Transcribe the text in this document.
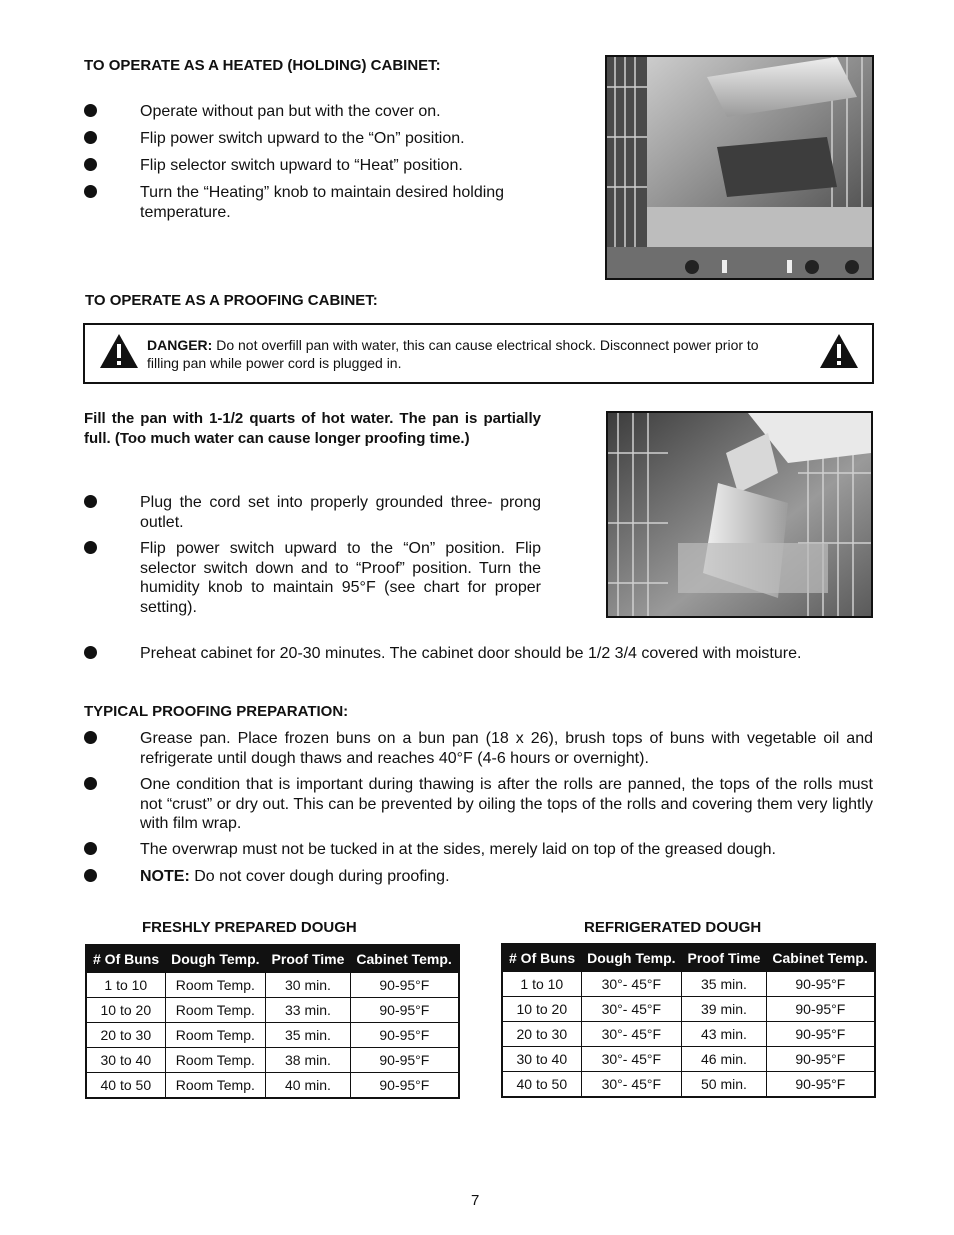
TO OPERATE AS A HEATED (HOLDING) CABINET:
Operate without pan but with the cover on.
Flip power switch upward to the “On” position.
Flip selector switch upward to “Heat” position.
Turn the “Heating” knob to maintain desired holding temperature.
TO OPERATE AS A PROOFING CABINET:
DANGER: Do not overfill pan with water, this can cause electrical shock. Disconnect power prior to filling pan while power cord is plugged in.
Fill the pan with 1-1/2 quarts of hot water. The pan is partially full. (Too much water can cause longer proofing time.)
Plug the cord set into properly grounded three- prong outlet.
Flip power switch upward to the “On” position. Flip selector switch down and to “Proof” position. Turn the humidity knob to maintain 95°F (see chart for proper setting).
Preheat cabinet for 20-30 minutes. The cabinet door should be 1/2 3/4 covered with moisture.
TYPICAL PROOFING PREPARATION:
Grease pan. Place frozen buns on a bun pan (18 x 26), brush tops of buns with vegetable oil and refrigerate until dough thaws and reaches 40°F (4-6 hours or overnight).
One condition that is important during thawing is after the rolls are panned, the tops of the rolls must not “crust” or dry out. This can be prevented by oiling the tops of the rolls and covering them very lightly with film wrap.
The overwrap must not be tucked in at the sides, merely laid on top of the greased dough.
NOTE: Do not cover dough during proofing.
FRESHLY PREPARED DOUGH	REFRIGERATED DOUGH
# Of Buns	Dough Temp.	Proof Time	Cabinet Temp.
1 to 10	Room Temp.	30 min.	90-95°F
10 to 20	Room Temp.	33 min.	90-95°F
20 to 30	Room Temp.	35 min.	90-95°F
30 to 40	Room Temp.	38 min.	90-95°F
40 to 50	Room Temp.	40 min.	90-95°F
# Of Buns	Dough Temp.	Proof Time	Cabinet Temp.
1 to 10	30°- 45°F	35 min.	90-95°F
10 to 20	30°- 45°F	39 min.	90-95°F
20 to 30	30°- 45°F	43 min.	90-95°F
30 to 40	30°- 45°F	46 min.	90-95°F
40 to 50	30°- 45°F	50 min.	90-95°F
7
